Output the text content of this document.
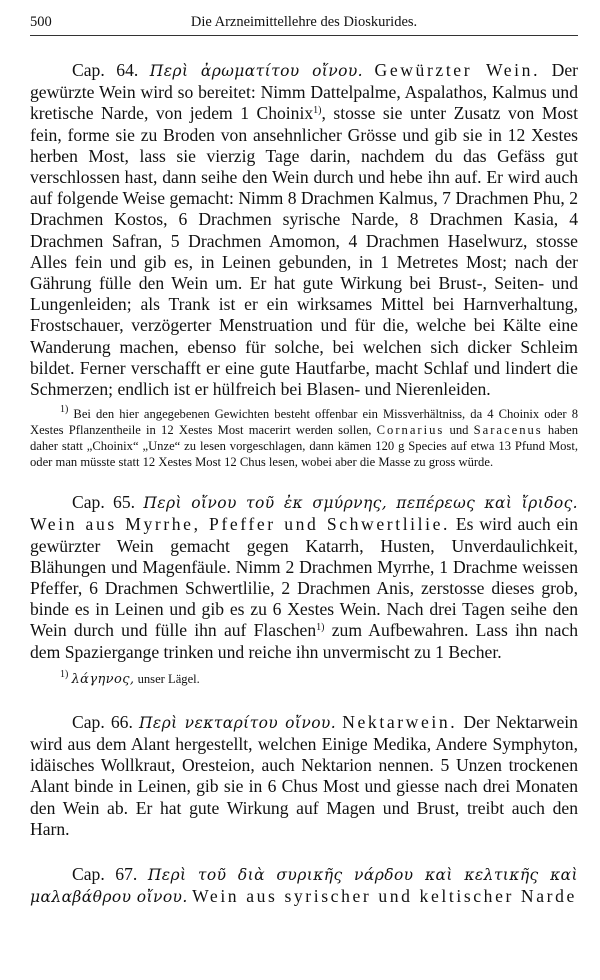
500	Die Arzneimittellehre des Dioskurides.

Cap. 64. Περὶ ἀρωματίτου οἴνου. Gewürzter Wein. Der gewürzte Wein wird so bereitet: Nimm Dattelpalme, Aspalathos, Kalmus und kretische Narde, von jedem 1 Choinix$^{1)}$, stosse sie unter Zusatz von Most fein, forme sie zu Broden von ansehnlicher Grösse und gib sie in 12 Xestes herben Most, lass sie vierzig Tage darin, nachdem du das Gefäss gut verschlossen hast, dann seihe den Wein durch und hebe ihn auf. Er wird auch auf folgende Weise gemacht: Nimm 8 Drachmen Kalmus, 7 Drachmen Phu, 2 Drachmen Kostos, 6 Drachmen syrische Narde, 8 Drachmen Kasia, 4 Drachmen Safran, 5 Drachmen Amomon, 4 Drachmen Haselwurz, stosse Alles fein und gib es, in Leinen gebunden, in 1 Metretes Most; nach der Gährung fülle den Wein um. Er hat gute Wirkung bei Brust-, Seiten- und Lungenleiden; als Trank ist er ein wirksames Mittel bei Harnverhaltung, Frostschauer, verzögerter Menstruation und für die, welche bei Kälte eine Wanderung machen, ebenso für solche, bei welchen sich dicker Schleim bildet. Ferner verschafft er eine gute Hautfarbe, macht Schlaf und lindert die Schmerzen; endlich ist er hülfreich bei Blasen- und Nierenleiden.

$^{1)}$ Bei den hier angegebenen Gewichten besteht offenbar ein Missverhältniss, da 4 Choinix oder 8 Xestes Pflanzentheile in 12 Xestes Most macerirt werden sollen, Cornarius und Saracenus haben daher statt „Choinix“ „Unze“ zu lesen vorgeschlagen, dann kämen 120 g Species auf etwa 13 Pfund Most, oder man müsste statt 12 Xestes Most 12 Chus lesen, wobei aber die Masse zu gross würde.

Cap. 65. Περὶ οἴνου τοῦ ἐκ σμύρνης, πεπέρεως καὶ ἴριδος. Wein aus Myrrhe, Pfeffer und Schwertlilie. Es wird auch ein gewürzter Wein gemacht gegen Katarrh, Husten, Unverdaulichkeit, Blähungen und Magenfäule. Nimm 2 Drachmen Myrrhe, 1 Drachme weissen Pfeffer, 6 Drachmen Schwertlilie, 2 Drachmen Anis, zerstosse dieses grob, binde es in Leinen und gib es zu 6 Xestes Wein. Nach drei Tagen seihe den Wein durch und fülle ihn auf Flaschen$^{1)}$ zum Aufbewahren. Lass ihn nach dem Spaziergange trinken und reiche ihn unvermischt zu 1 Becher.

$^{1)}$ λάγηνος, unser Lägel.

Cap. 66. Περὶ νεκταρίτου οἴνου. Nektarwein. Der Nektarwein wird aus dem Alant hergestellt, welchen Einige Medika, Andere Symphyton, idäisches Wollkraut, Oresteion, auch Nektarion nennen. 5 Unzen trockenen Alant binde in Leinen, gib sie in 6 Chus Most und giesse nach drei Monaten den Wein ab. Er hat gute Wirkung auf Magen und Brust, treibt auch den Harn.

Cap. 67. Περὶ τοῦ διὰ συρικῆς νάρδου καὶ κελτικῆς καὶ μαλαβάθρου οἴνου. Wein aus syrischer und keltischer Narde
